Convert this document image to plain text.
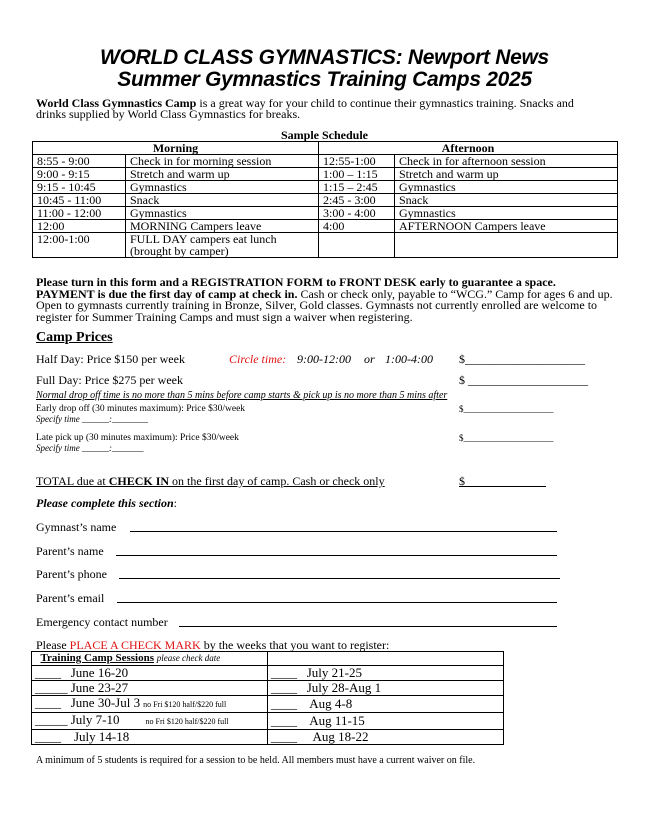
WORLD CLASS GYMNASTICS: Newport News
Summer Gymnastics Training Camps 2025
World Class Gymnastics Camp is a great way for your child to continue their gymnastics training. Snacks and drinks supplied by World Class Gymnastics for breaks.
Sample Schedule
Morning		Afternoon	
8:55 - 9:00	Check in for morning session	12:55-1:00	Check in for afternoon session
9:00 - 9:15	Stretch and warm up	1:00 – 1:15	Stretch and warm up
9:15 - 10:45	Gymnastics	1:15 – 2:45	Gymnastics
10:45 - 11:00	Snack	2:45 - 3:00	Snack
11:00 - 12:00	Gymnastics	3:00 - 4:00	Gymnastics
12:00	MORNING Campers leave	4:00	AFTERNOON Campers leave
12:00-1:00	FULL DAY campers eat lunch (brought by camper)		
Please turn in this form and a REGISTRATION FORM to FRONT DESK early to guarantee a space. PAYMENT is due the first day of camp at check in. Cash or check only, payable to “WCG.” Camp for ages 6 and up. Open to gymnasts currently training in Bronze, Silver, Gold classes. Gymnasts not currently enrolled are welcome to register for Summer Training Camps and must sign a waiver when registering.
Camp Prices
Half Day: Price $150 per week	Circle time: 9:00-12:00 or 1:00-4:00 $____________________
Full Day: Price $275 per week	$ ____________________
Normal drop off time is no more than 5 mins before camp starts & pick up is no more than 5 mins after
Early drop off (30 minutes maximum): Price $30/week
Specify time ______:________
$____________________
Late pick up (30 minutes maximum): Price $30/week
Specify time ______:_______
$____________________
TOTAL due at CHECK IN on the first day of camp. Cash or check only	$
Please complete this section:
Gymnast’s name
Parent’s name
Parent’s phone
Parent’s email
Emergency contact number
Please PLACE A CHECK MARK by the weeks that you want to register:
Training Camp Sessions please check date	
____   June 16-20	____   July 21-25
_____ June 23-27	____   July 28-Aug 1
____   June 30-Jul 3 no Fri $120 half/$220 full	____    Aug 4-8
_____ July 7-10 no Fri $120 half/$220 full	____    Aug 11-15
____    July 14-18	____     Aug 18-22
A minimum of 5 students is required for a session to be held. All members must have a current waiver on file.
